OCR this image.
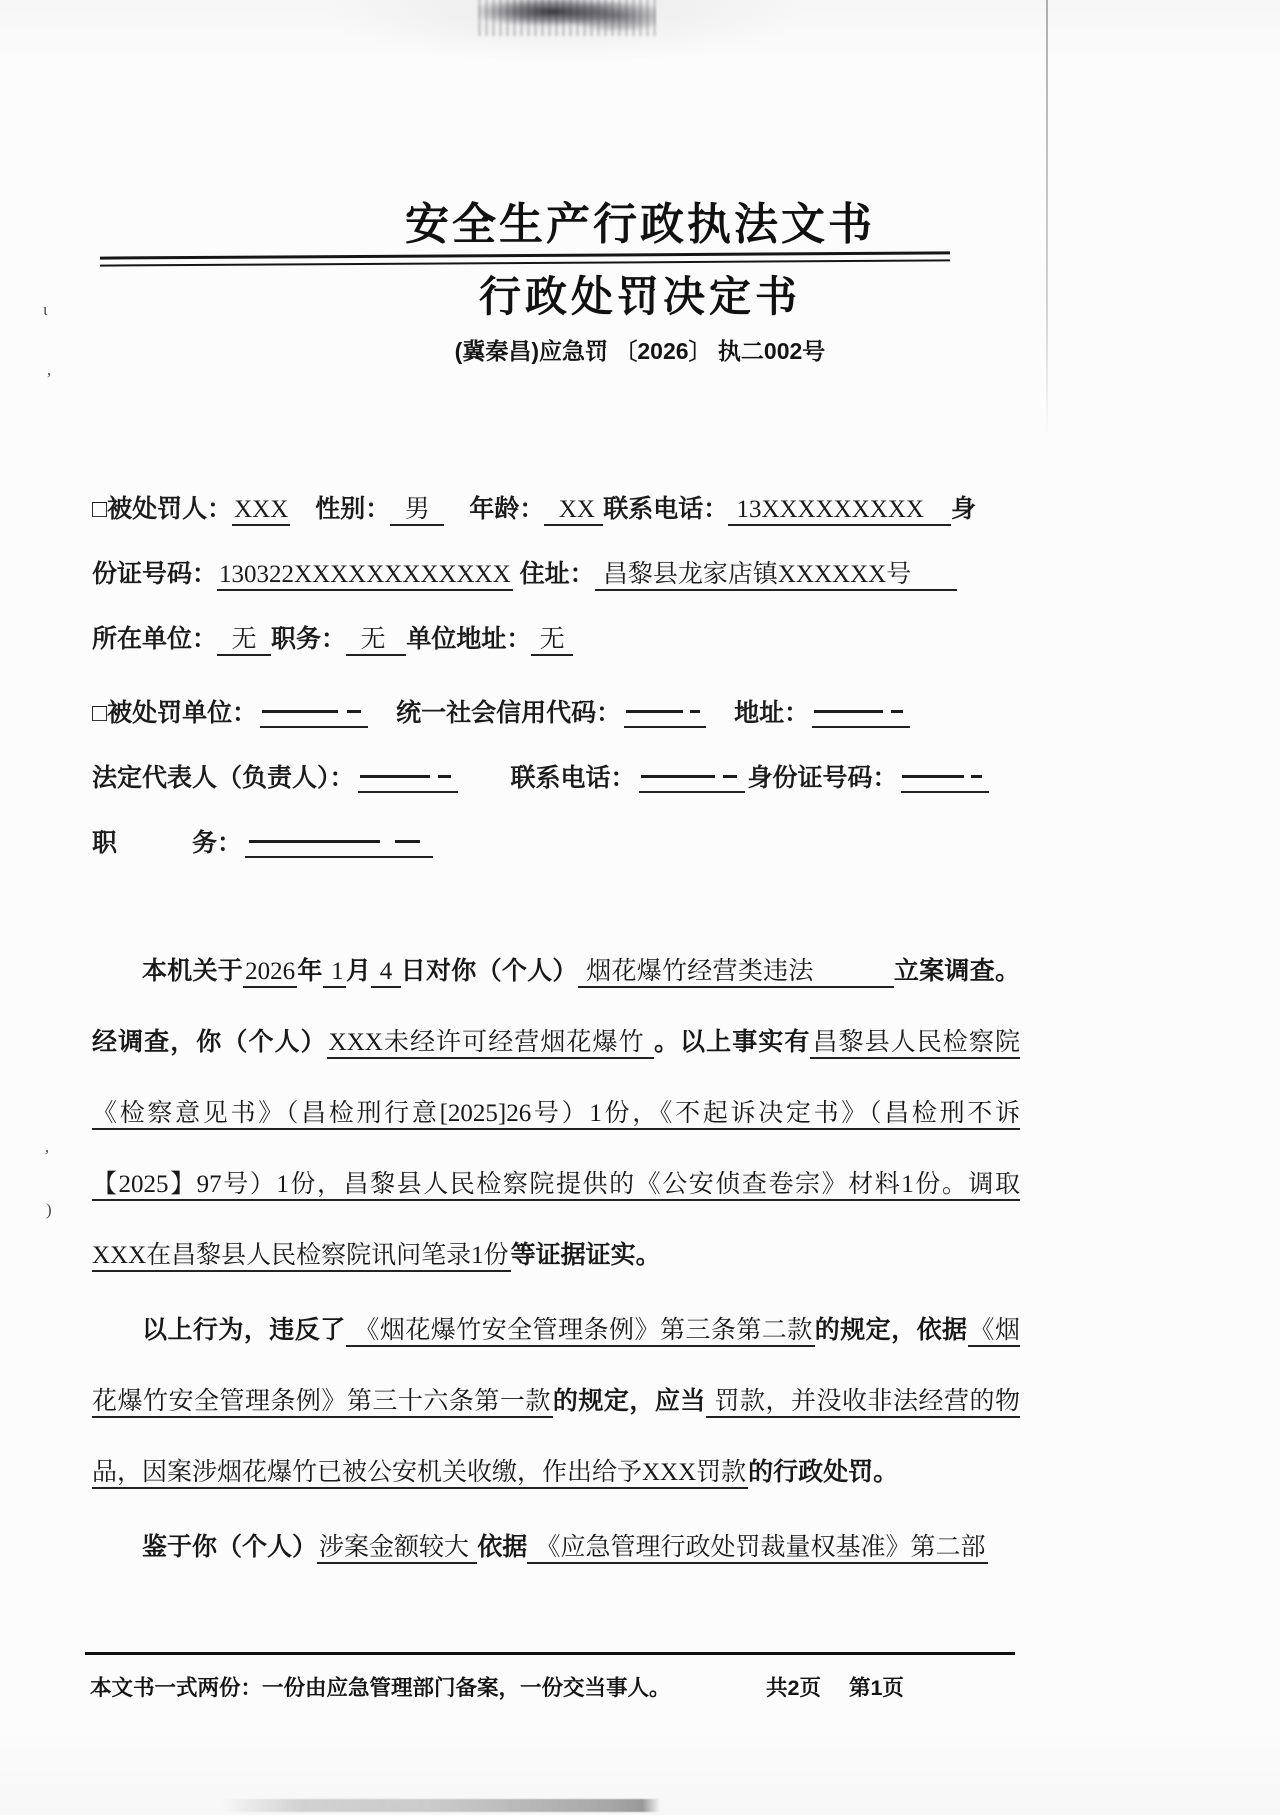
ι
,
’
)
安全生产行政执法文书
行政处罚决定书
(冀秦昌)应急罚 〔2026〕 执二002号
□被处罚人：XXX　性别：  男  　年龄：  XX 联系电话： 13XXXXXXXXX    身
份证号码：130322XXXXXXXXXXXX 住址： 昌黎县龙家店镇XXXXXX号
所在单位：  无  职务：  无   单位地址： 无
□被处罚单位：	　统一社会信用代码：	　地址：
法定代表人（负责人）：	　　联系电话：	身份证号码：
职　　　务：

本机关于2026年 1月 4 日对你（个人） 烟花爆竹经营类违法            立案调查。经调查，你（个人）XXX未经许可经营烟花爆竹 。以上事实有昌黎县人民检察院《检察意见书》（昌检刑行意[2025]26号）1份，《不起诉决定书》（昌检刑不诉【2025】97号）1份，昌黎县人民检察院提供的《公安侦查卷宗》材料1份。调取XXX在昌黎县人民检察院讯问笔录1份等证据证实。

以上行为，违反了 《烟花爆竹安全管理条例》第三条第二款的规定，依据《烟花爆竹安全管理条例》第三十六条第一款的规定，应当 罚款，并没收非法经营的物品，因案涉烟花爆竹已被公安机关收缴，作出给予XXX罚款的行政处罚。

鉴于你（个人）涉案金额较大 依据 《应急管理行政处罚裁量权基准》第二部

本文书一式两份：一份由应急管理部门备案，一份交当事人。	共2页 第1页
